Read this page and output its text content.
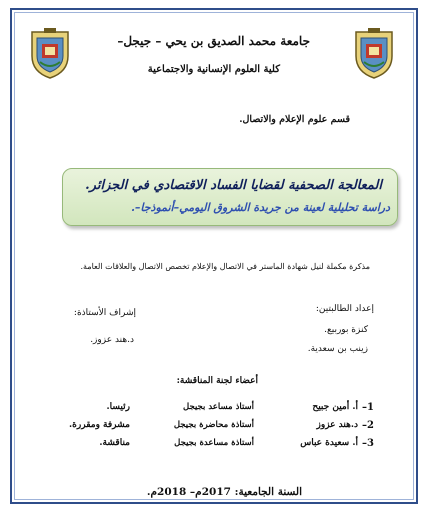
جامعة محمد الصديق بن يحي – جيجل–
كلية العلوم الإنسانية والاجتماعية
قسم علوم الإعلام والاتصال.
المعالجة الصحفية لقضايا الفساد الاقتصادي في الجزائر.
دراسة تحليلية لعينة من جريدة الشروق اليومي–أنموذجا–.
مذكرة مكملة لنيل شهادة الماستر في الاتصال والإعلام تخصص الاتصال والعلاقات العامة.
إعداد الطالبتين:
كنزة بوربيع.
زينب بن سعدية.
إشراف الأستاذة:
د.هند عزوز.
أعضاء لجنة المناقشة:
1–
أ. أمين جبيح
أستاذ مساعد بجيجل
رئيسا.
2–
د.هند عزوز
أستاذة محاضرة بجيجل
مشرفة ومقررة.
3–
أ. سعيدة عباس
أستاذة مساعدة بجيجل
مناقشة.
السنة الجامعية: 2017م– 2018م.
